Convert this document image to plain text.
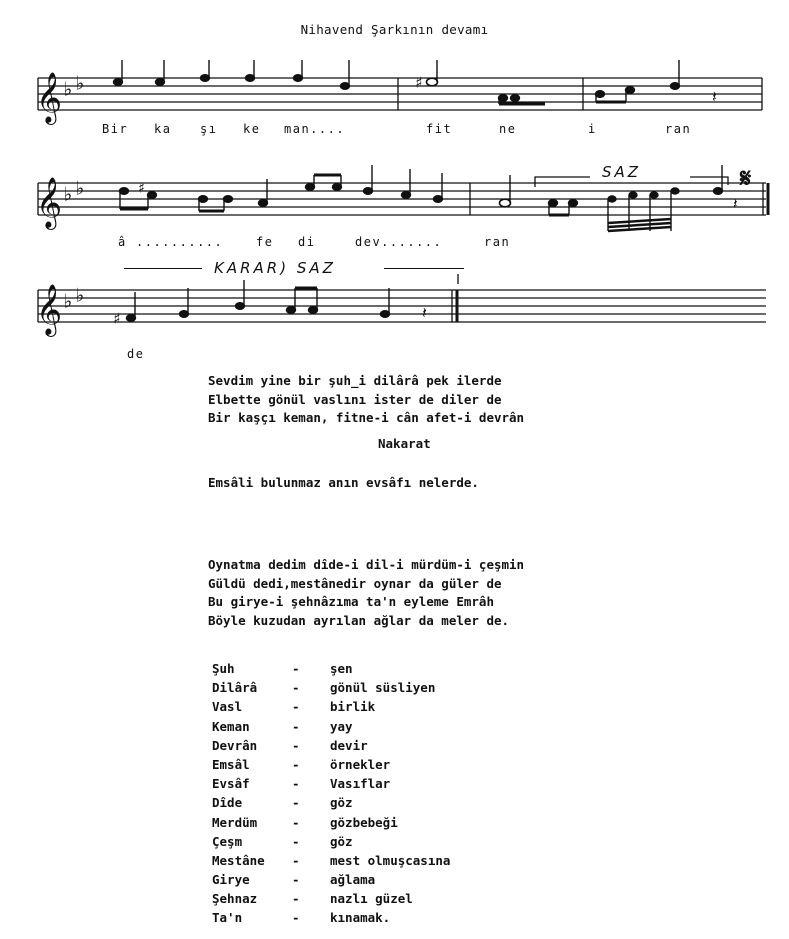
Nihavend Şarkının devamı
𝄞 ♭ ♭	♯
𝄽
Bir ka şı ke man....	fit	ne	i	ran
𝄞 ♭ ♭	♯
𝄽
𝄋
SAZ
â ..........	fe di	dev.......	ran
KARAR) SAZ
𝄞 ♭ ♭
♯	𝄽
de
Sevdim yine bir şuh_i dilârâ pek ilerde
Elbette gönül vaslını ister de diler de
Bir kaşçı keman, fitne-i cân afet-i devrân
Nakarat
Emsâli bulunmaz anın evsâfı nelerde.
Oynatma dedim dîde-i dil-i mürdüm-i çeşmin
Güldü dedi,mestânedir oynar da güler de
Bu girye-i şehnâzıma ta'n eyleme Emrâh
Böyle kuzudan ayrılan ağlar da meler de.
Şuh	- şen
Dilârâ	- gönül süsliyen
Vasl	- birlik
Keman	- yay
Devrân	- devir
Emsâl	- örnekler
Evsâf	- Vasıflar
Dîde	- göz
Merdüm	- gözbebeği
Çeşm	- göz
Mestâne - mest olmuşcasına
Girye	- ağlama
Şehnaz	- nazlı güzel
Ta'n	- kınamak.
